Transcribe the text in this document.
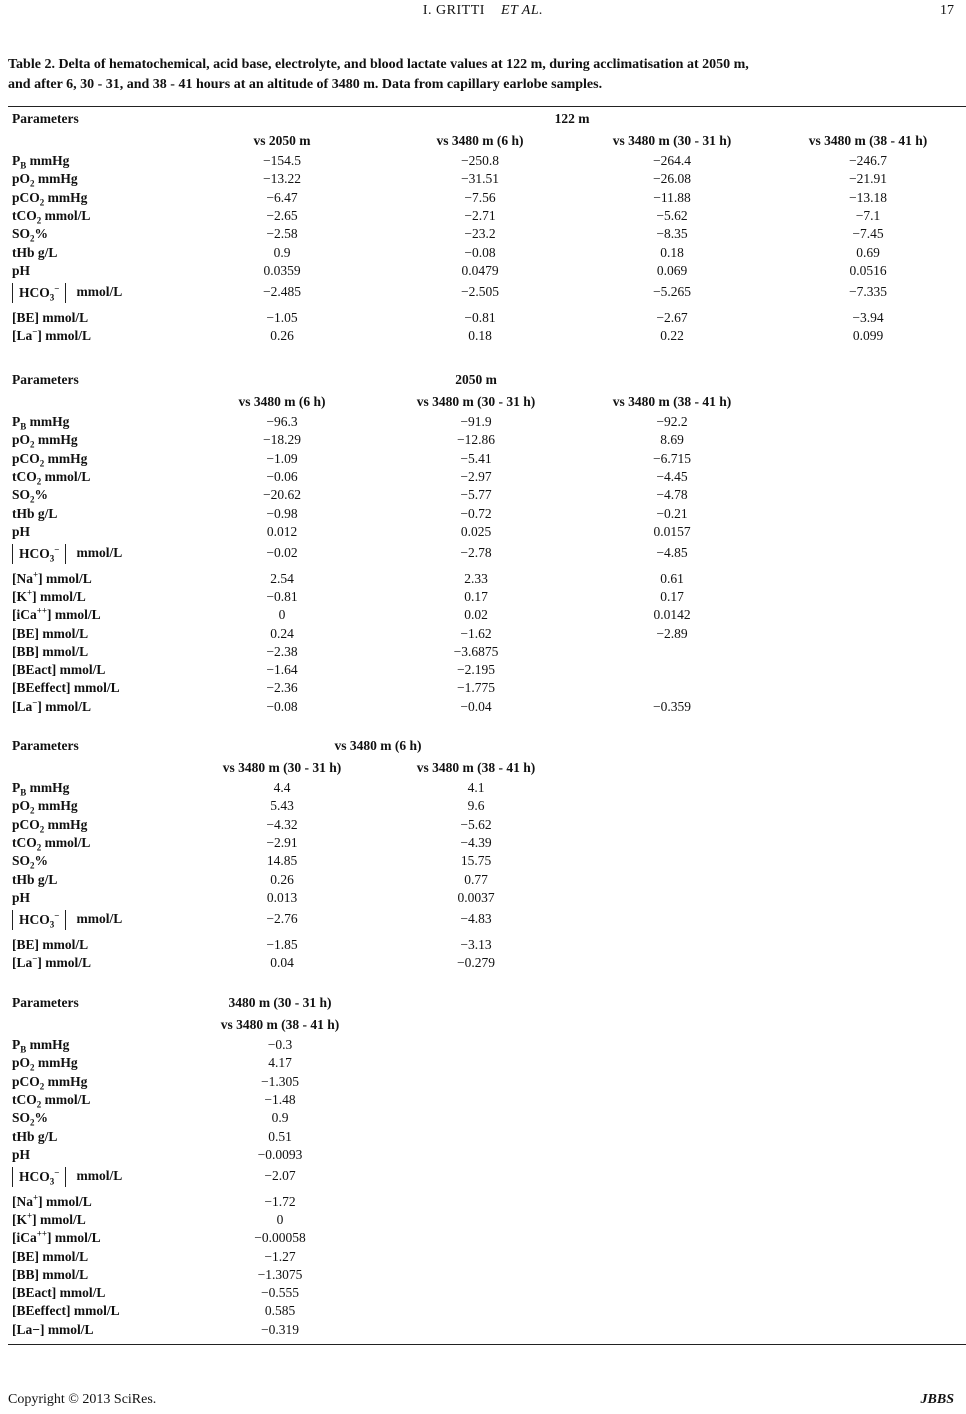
I. GRITTI ET AL.	17
Table 2. Delta of hematochemical, acid base, electrolyte, and blood lactate values at 122 m, during acclimatisation at 2050 m,
and after 6, 30 - 31, and 38 - 41 hours at an altitude of 3480 m. Data from capillary earlobe samples.
Parameters	122 m
vs 2050 m	vs 3480 m (6 h)	vs 3480 m (30 - 31 h)	vs 3480 m (38 - 41 h)
$P_B$ mmHg	−154.5	−250.8	−264.4	−246.7
$pO_2$ mmHg	−13.22	−31.51	−26.08	−21.91
pCO$_2$ mmHg	−6.47	−7.56	−11.88	−13.18
tCO$_2$ mmol/L	−2.65	−2.71	−5.62	−7.1
$SO_2\%$	−2.58	−23.2	−8.35	−7.45
tHb g/L	0.9	−0.08	0.18	0.69
pH	0.0359	0.0479	0.069	0.0516
$HCO_3^-$   mmol/L	−2.485	−2.505	−5.265	−7.335
[BE] mmol/L	−1.05	−0.81	−2.67	−3.94
[La−] mmol/L	0.26	0.18	0.22	0.099
Parameters	2050 m
vs 3480 m (6 h)	vs 3480 m (30 - 31 h)	vs 3480 m (38 - 41 h)
$P_B$ mmHg	−96.3	−91.9	−92.2
$pO_2$ mmHg	−18.29	−12.86	8.69
pCO$_2$ mmHg	−1.09	−5.41	−6.715
tCO$_2$ mmol/L	−0.06	−2.97	−4.45
$SO_2\%$	−20.62	−5.77	−4.78
tHb g/L	−0.98	−0.72	−0.21
pH	0.012	0.025	0.0157
$HCO_3^-$   mmol/L	−0.02	−2.78	−4.85
[Na+] mmol/L	2.54	2.33	0.61
[K+] mmol/L	−0.81	0.17	0.17
[iCa++] mmol/L	0	0.02	0.0142
[BE] mmol/L	0.24	−1.62	−2.89
[BB] mmol/L	−2.38	−3.6875
[BEact] mmol/L	−1.64	−2.195
[BEeffect] mmol/L	−2.36	−1.775
[La−] mmol/L	−0.08	−0.04	−0.359
Parameters	vs 3480 m (6 h)
vs 3480 m (30 - 31 h)	vs 3480 m (38 - 41 h)
$P_B$ mmHg	4.4	4.1
$pO_2$ mmHg	5.43	9.6
pCO$_2$ mmHg	−4.32	−5.62
tCO$_2$ mmol/L	−2.91	−4.39
$SO_2\%$	14.85	15.75
tHb g/L	0.26	0.77
pH	0.013	0.0037
$HCO_3^-$   mmol/L	−2.76	−4.83
[BE] mmol/L	−1.85	−3.13
[La−] mmol/L	0.04	−0.279
Parameters	3480 m (30 - 31 h)
vs 3480 m (38 - 41 h)
$P_B$ mmHg	−0.3
$pO_2$ mmHg	4.17
pCO$_2$ mmHg	−1.305
tCO$_2$ mmol/L	−1.48
$SO_2\%$	0.9
tHb g/L	0.51
pH	−0.0093
$HCO_3^-$   mmol/L	−2.07
[Na+] mmol/L	−1.72
[K+] mmol/L	0
[iCa++] mmol/L	−0.00058
[BE] mmol/L	−1.27
[BB] mmol/L	−1.3075
[BEact] mmol/L	−0.555
[BEeffect] mmol/L	0.585
[La−] mmol/L	−0.319
Copyright © 2013 SciRes.	JBBS
